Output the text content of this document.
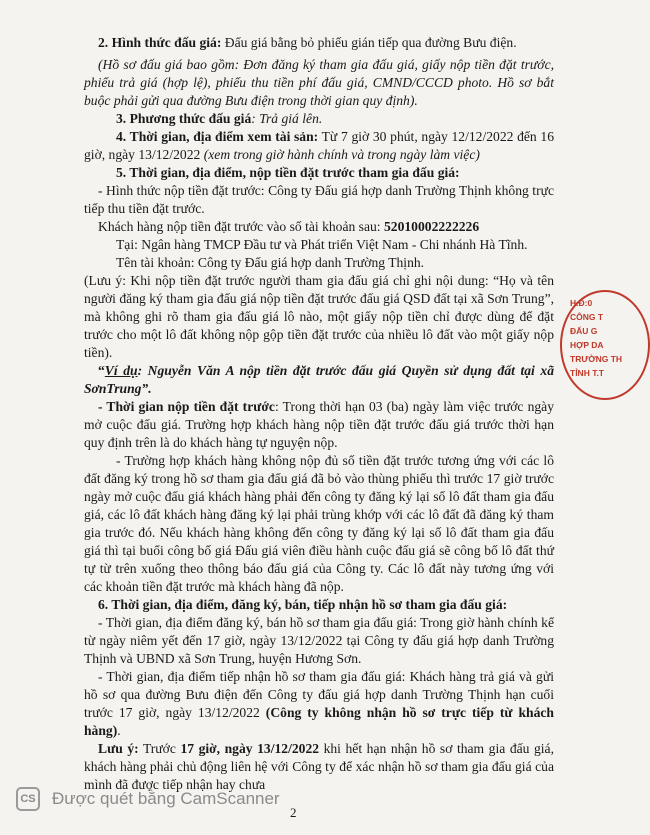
2. Hình thức đấu giá: Đấu giá bằng bỏ phiếu gián tiếp qua đường Bưu điện.

(Hồ sơ đấu giá bao gồm: Đơn đăng ký tham gia đấu giá, giấy nộp tiền đặt trước, phiếu trả giá (hợp lệ), phiếu thu tiền phí đấu giá, CMND/CCCD photo. Hồ sơ bắt buộc phải gửi qua đường Bưu điện trong thời gian quy định).

3. Phương thức đấu giá: Trả giá lên.

4. Thời gian, địa điểm xem tài sản: Từ 7 giờ 30 phút, ngày 12/12/2022 đến 16 giờ, ngày 13/12/2022 (xem trong giờ hành chính và trong ngày làm việc)

5. Thời gian, địa điểm, nộp tiền đặt trước tham gia đấu giá:

- Hình thức nộp tiền đặt trước: Công ty Đấu giá hợp danh Trường Thịnh không trực tiếp thu tiền đặt trước.

Khách hàng nộp tiền đặt trước vào số tài khoản sau: 52010002222226

Tại: Ngân hàng TMCP Đầu tư và Phát triển Việt Nam - Chi nhánh Hà Tĩnh.

Tên tài khoản: Công ty Đấu giá hợp danh Trường Thịnh.

(Lưu ý: Khi nộp tiền đặt trước người tham gia đấu giá chỉ ghi nội dung: “Họ và tên người đăng ký tham gia đấu giá nộp tiền đặt trước đấu giá QSD đất tại xã Sơn Trung”, mà không ghi rõ tham gia đấu giá lô nào, một giấy nộp tiền chỉ được dùng để đặt trước cho một lô đất không nộp gộp tiền đặt trước của nhiều lô đất vào một giấy nộp tiền).

“Ví dụ: Nguyễn Văn A nộp tiền đặt trước đấu giá Quyền sử dụng đất tại xã SơnTrung”.

- Thời gian nộp tiền đặt trước: Trong thời hạn 03 (ba) ngày làm việc trước ngày mở cuộc đấu giá. Trường hợp khách hàng nộp tiền đặt trước đấu giá trước thời hạn quy định trên là do khách hàng tự nguyện nộp.

- Trường hợp khách hàng không nộp đủ số tiền đặt trước tương ứng với các lô đất đăng ký trong hồ sơ tham gia đấu giá đã bỏ vào thùng phiếu thì trước 17 giờ trước ngày mở cuộc đấu giá khách hàng phải đến công ty đăng ký lại số lô đất tham gia đấu giá, các lô đất khách hàng đăng ký lại phải trùng khớp với các lô đất đã đăng ký tham gia trước đó. Nếu khách hàng không đến công ty đăng ký lại số lô đất tham gia đấu giá thì tại buổi công bố giá Đấu giá viên điều hành cuộc đấu giá sẽ công bố lô đất thứ tự từ trên xuống theo thông báo đấu giá của Công ty. Các lô đất này tương ứng với các khoản tiền đặt trước mà khách hàng đã nộp.

6. Thời gian, địa điểm, đăng ký, bán, tiếp nhận hồ sơ tham gia đấu giá:

- Thời gian, địa điểm đăng ký, bán hồ sơ tham gia đấu giá: Trong giờ hành chính kể từ ngày niêm yết đến 17 giờ, ngày 13/12/2022 tại Công ty đấu giá hợp danh Trường Thịnh và UBND xã Sơn Trung, huyện Hương Sơn.

- Thời gian, địa điểm tiếp nhận hồ sơ tham gia đấu giá: Khách hàng trả giá và gửi hồ sơ qua đường Bưu điện đến Công ty đấu giá hợp danh Trường Thịnh hạn cuối trước 17 giờ, ngày 13/12/2022 (Công ty không nhận hồ sơ trực tiếp từ khách hàng).

Lưu ý: Trước 17 giờ, ngày 13/12/2022 khi hết hạn nhận hồ sơ tham gia đấu giá, khách hàng phải chủ động liên hệ với Công ty để xác nhận hồ sơ tham gia đấu giá của mình đã được tiếp nhận hay chưa

H.Đ:0
CÔNG T
ĐẤU G
HỢP DA
TRƯỜNG TH
TỈNH T.T
CS Được quét bằng CamScanner
2
